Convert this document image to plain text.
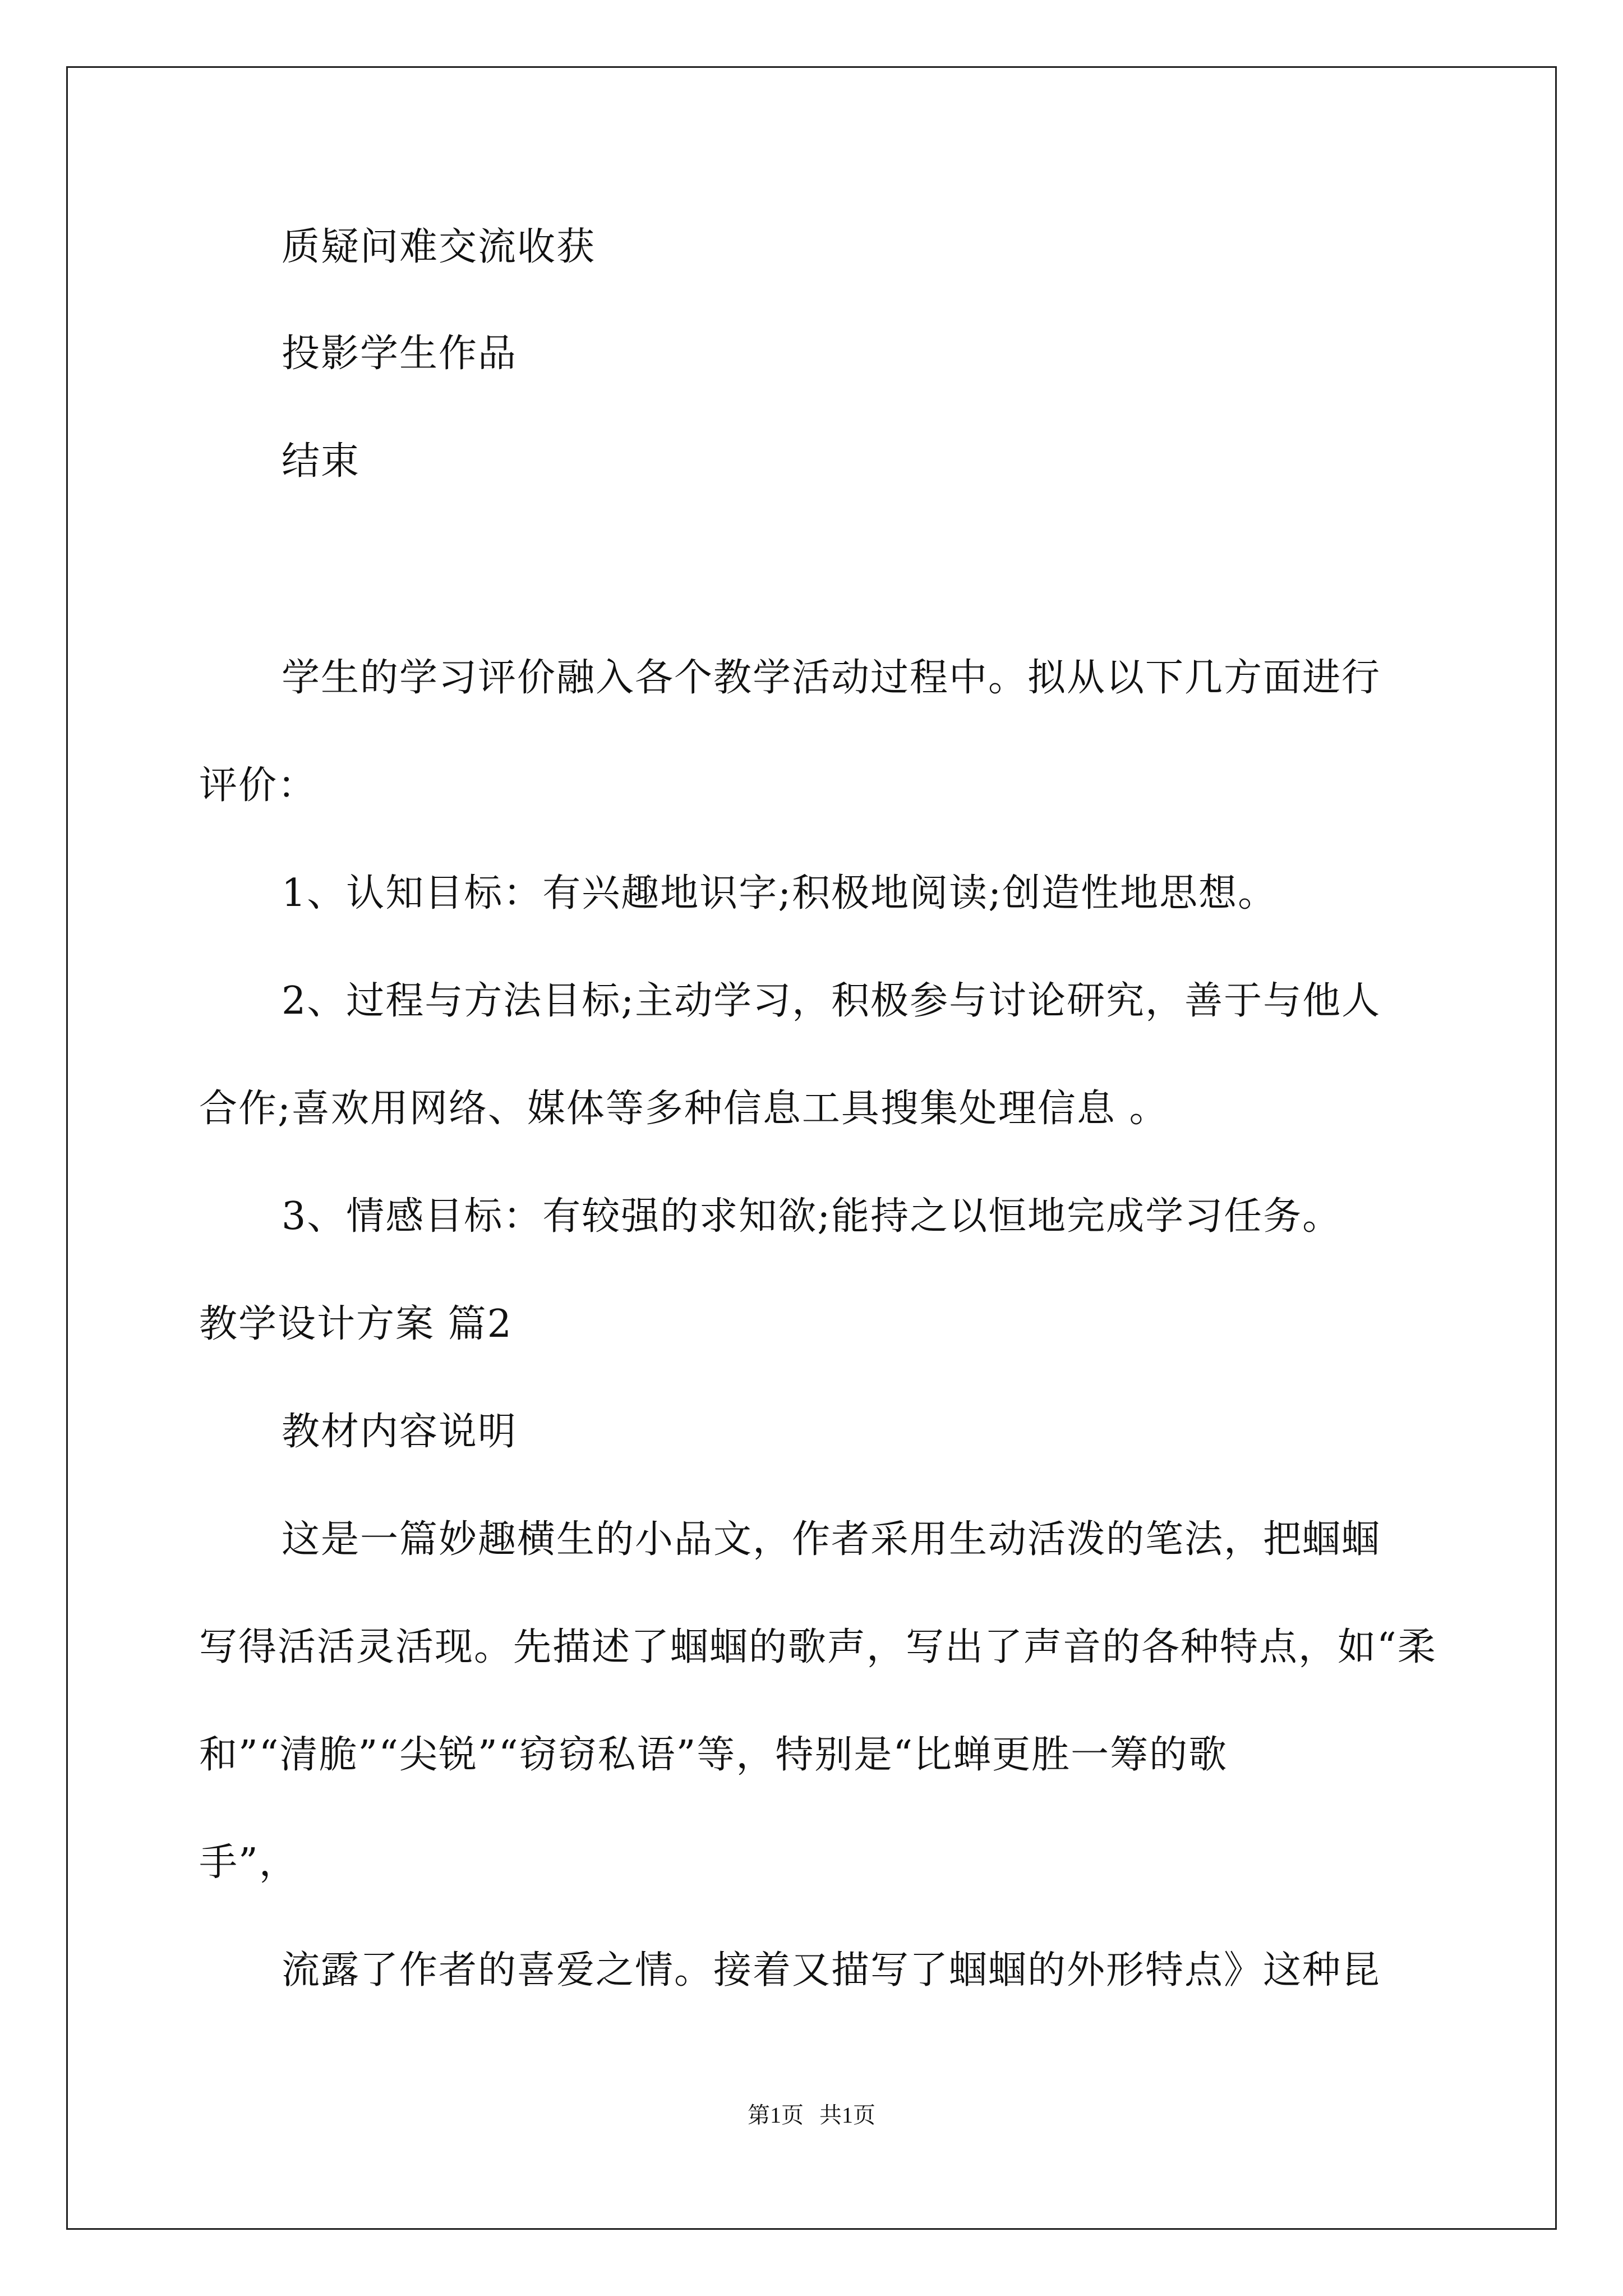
质疑问难交流收获
投影学生作品
结束
学生的学习评价融入各个教学活动过程中。拟从以下几方面进行
评价：
1、认知目标：有兴趣地识字;积极地阅读;创造性地思想。
2、过程与方法目标;主动学习，积极参与讨论研究，善于与他人
合作;喜欢用网络、媒体等多种信息工具搜集处理信息 。
3、情感目标：有较强的求知欲;能持之以恒地完成学习任务。
教学设计方案 篇2
教材内容说明
这是一篇妙趣横生的小品文，作者采用生动活泼的笔法，把蝈蝈
写得活活灵活现。先描述了蝈蝈的歌声，写出了声音的各种特点，如“柔
和”“清脆”“尖锐”“窃窃私语”等，特别是“比蝉更胜一筹的歌
手”，
流露了作者的喜爱之情。接着又描写了蝈蝈的外形特点》这种昆
第1页 共1页
